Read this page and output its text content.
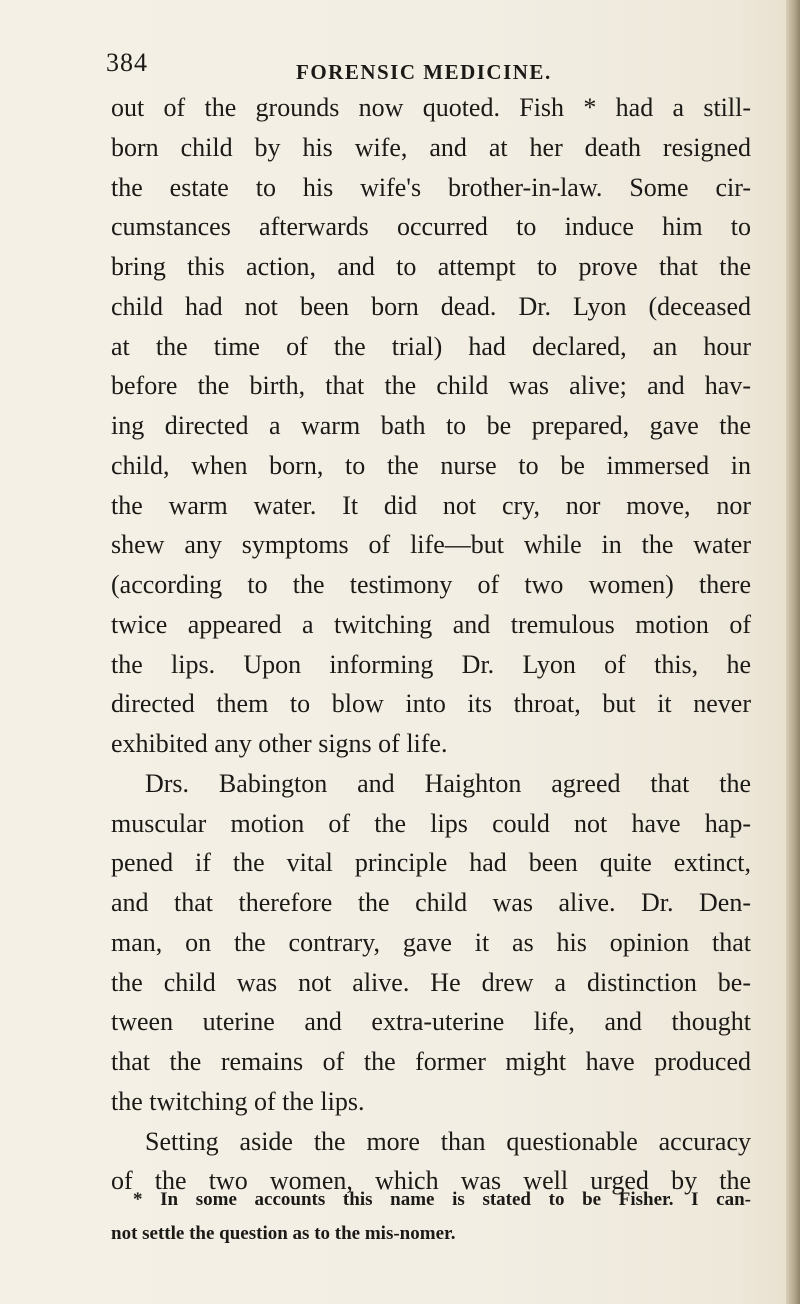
384	FORENSIC MEDICINE.
out of the grounds now quoted. Fish * had a still-
born child by his wife, and at her death resigned
the estate to his wife's brother-in-law. Some cir-
cumstances afterwards occurred to induce him to
bring this action, and to attempt to prove that the
child had not been born dead. Dr. Lyon (deceased
at the time of the trial) had declared, an hour
before the birth, that the child was alive; and hav-
ing directed a warm bath to be prepared, gave the
child, when born, to the nurse to be immersed in
the warm water. It did not cry, nor move, nor
shew any symptoms of life—but while in the water
(according to the testimony of two women) there
twice appeared a twitching and tremulous motion of
the lips. Upon informing Dr. Lyon of this, he
directed them to blow into its throat, but it never
exhibited any other signs of life.
Drs. Babington and Haighton agreed that the
muscular motion of the lips could not have hap-
pened if the vital principle had been quite extinct,
and that therefore the child was alive. Dr. Den-
man, on the contrary, gave it as his opinion that
the child was not alive. He drew a distinction be-
tween uterine and extra-uterine life, and thought
that the remains of the former might have produced
the twitching of the lips.
Setting aside the more than questionable accuracy
of the two women, which was well urged by the
* In some accounts this name is stated to be Fisher. I can-
not settle the question as to the mis-nomer.
